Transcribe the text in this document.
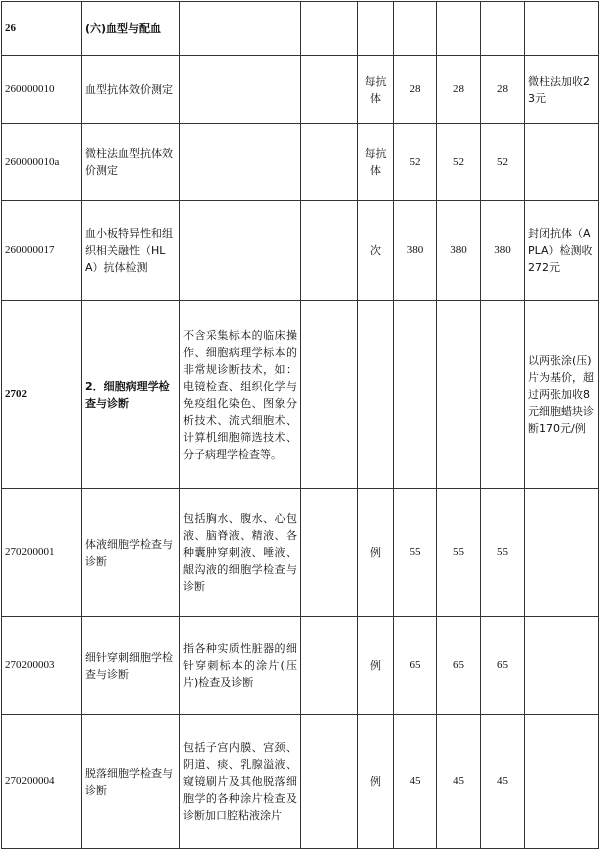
26	(六)血型与配血							

260000010	血型抗体效价测定			每抗体	28	28	28	微柱法加收23元

260000010a	微柱法血型抗体效价测定			每抗体	52	52	52	

260000017	血小板特异性和组织相关融性（HLA）抗体检测			次	380	380	380	封闭抗体（APLA）检测收272元

2702	2．细胞病理学检查与诊断	不含采集标本的临床操作、细胞病理学标本的非常规诊断技术，如：电镜检查、组织化学与免疫组化染色、图象分析技术、流式细胞术、计算机细胞筛选技术、分子病理学检查等。						以两张涂(压)片为基价，超过两张加收8元细胞蜡块诊断170元/例

270200001	体液细胞学检查与诊断	包括胸水、腹水、心包液、脑脊液、精液、各种囊肿穿刺液、唾液、龈沟液的细胞学检查与诊断		例	55	55	55	

270200003	细针穿刺细胞学检查与诊断	指各种实质性脏器的细针穿刺标本的涂片(压片)检查及诊断		例	65	65	65	

270200004	脱落细胞学检查与诊断	包括子宫内膜、宫颈、阴道、痰、乳腺溢液、窥镜刷片及其他脱落细胞学的各种涂片检查及诊断加口腔粘液涂片		例	45	45	45	
